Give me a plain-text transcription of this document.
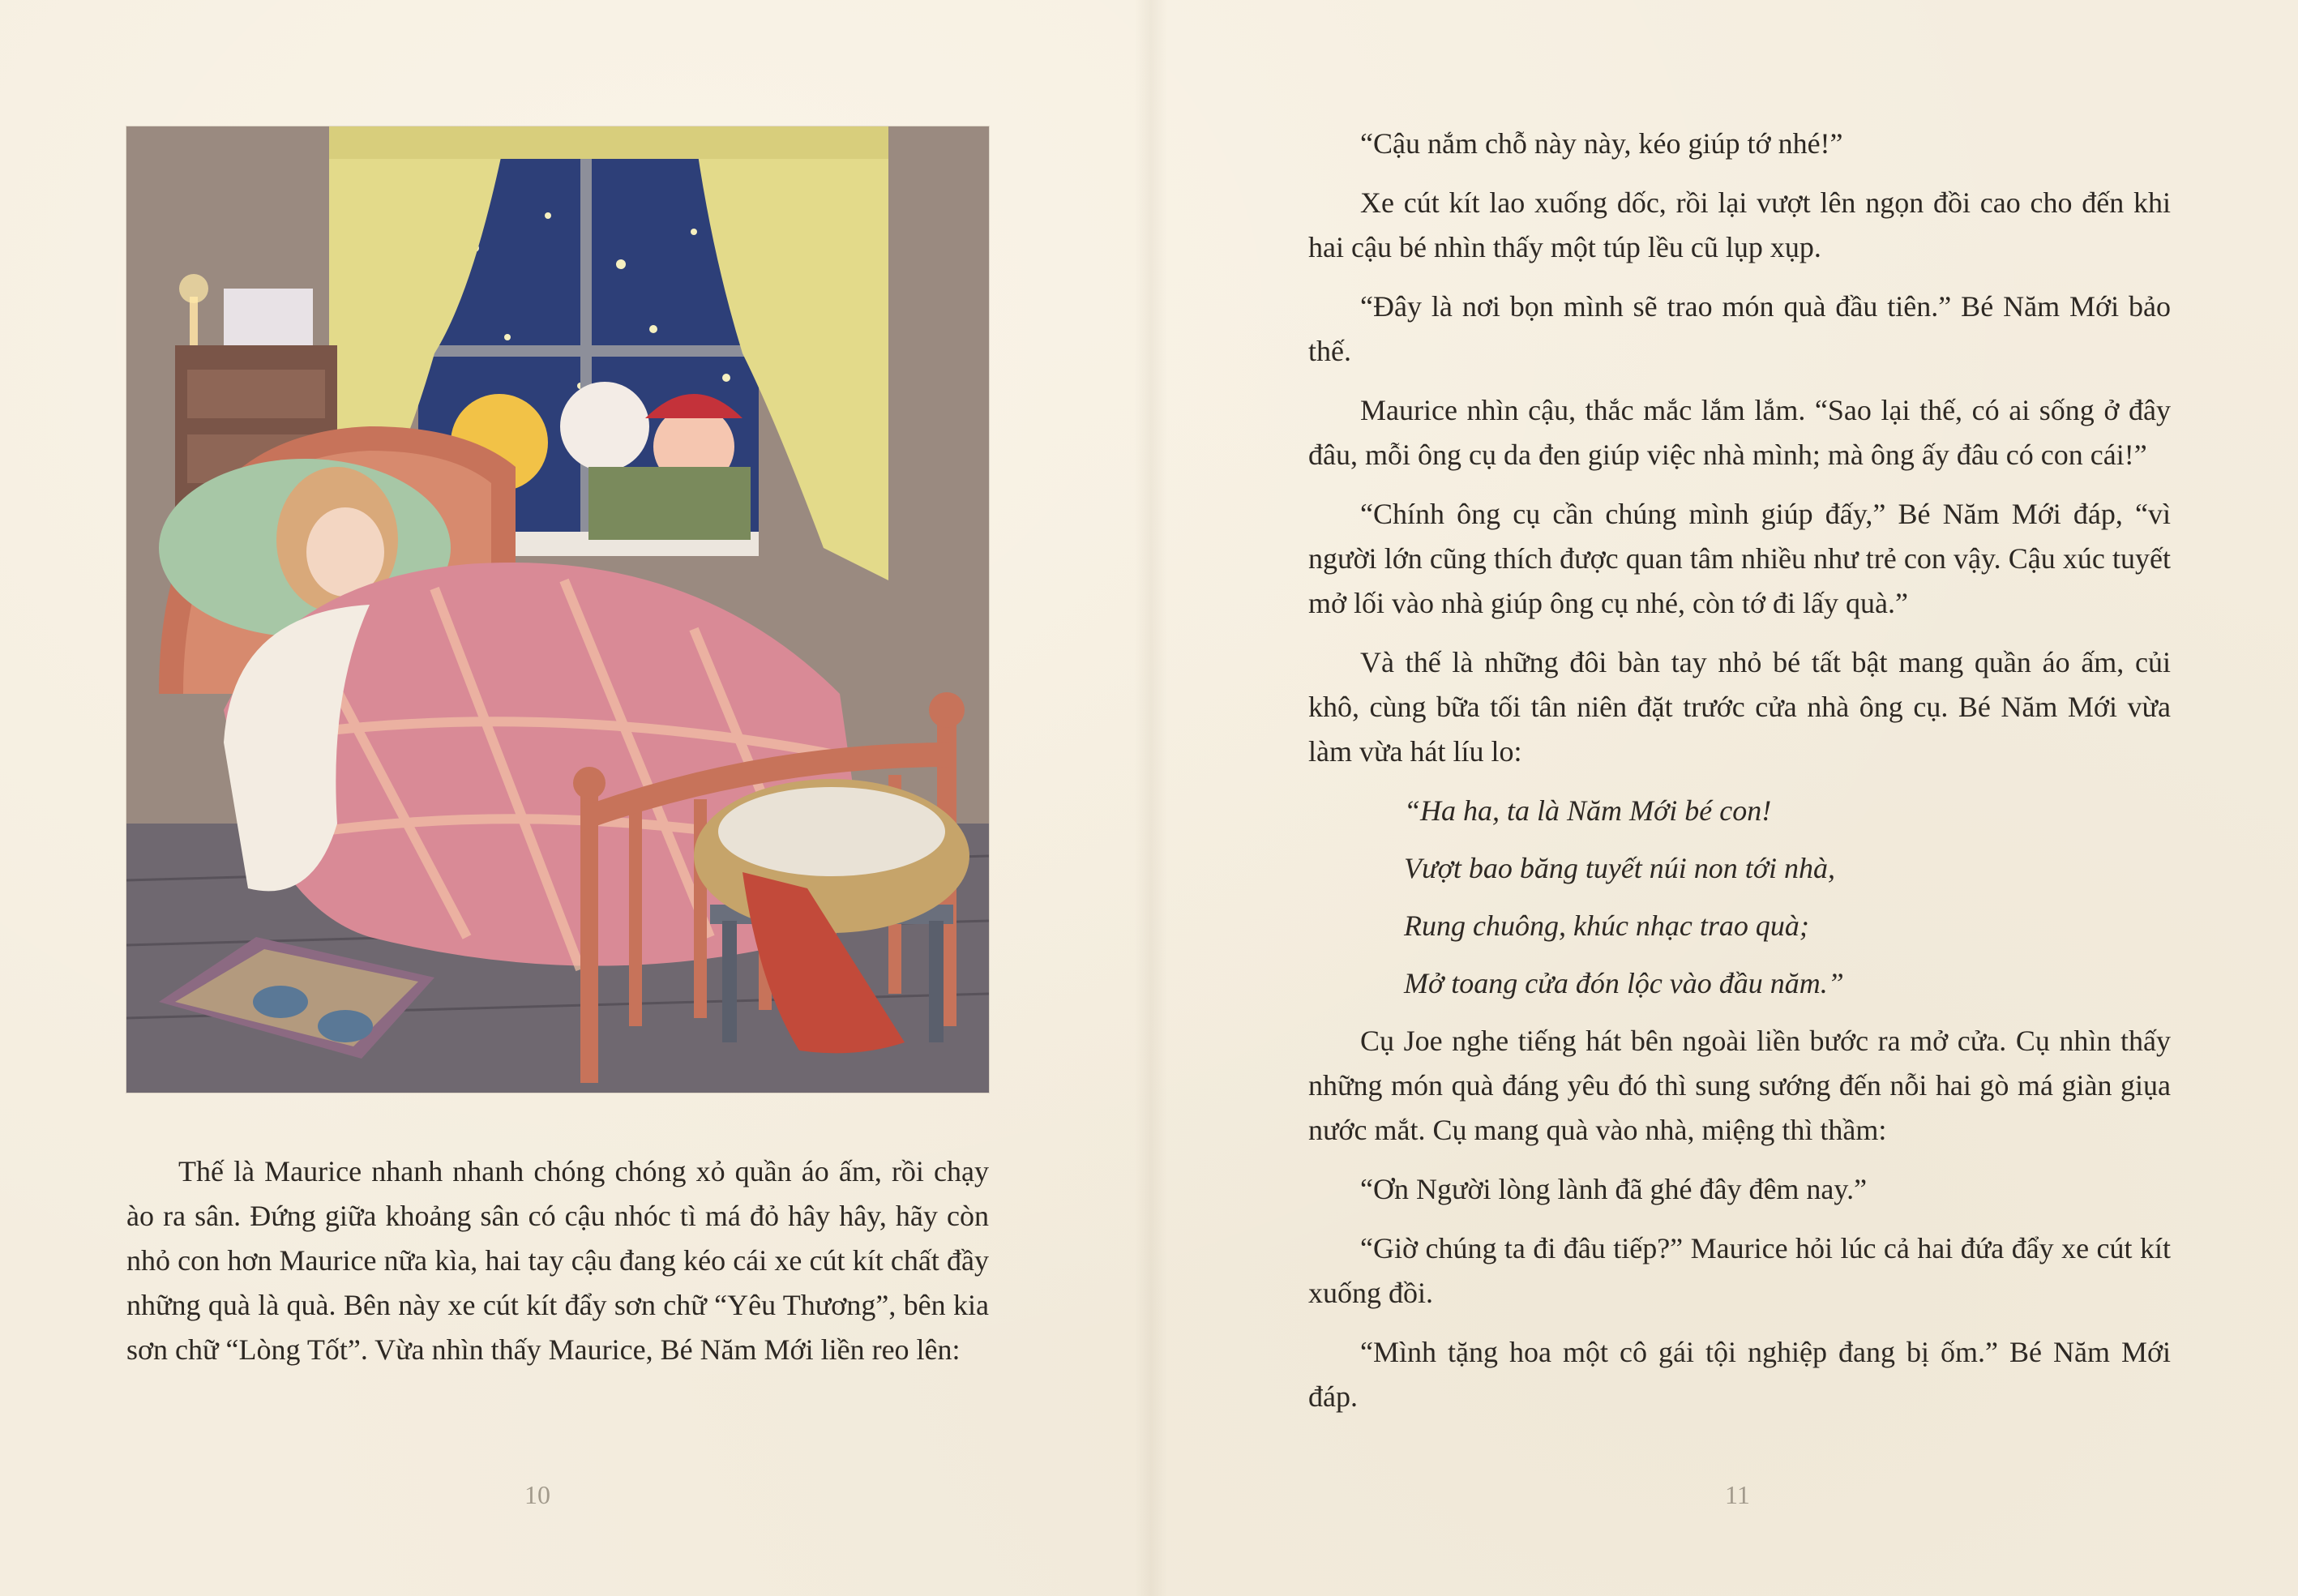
Thế là Maurice nhanh nhanh chóng chóng xỏ quần áo ấm, rồi chạy ào ra sân. Đứng giữa khoảng sân có cậu nhóc tì má đỏ hây hây, hãy còn nhỏ con hơn Maurice nữa kìa, hai tay cậu đang kéo cái xe cút kít chất đầy những quà là quà. Bên này xe cút kít đẩy sơn chữ “Yêu Thương”, bên kia sơn chữ “Lòng Tốt”. Vừa nhìn thấy Maurice, Bé Năm Mới liền reo lên:

10

“Cậu nắm chỗ này này, kéo giúp tớ nhé!”

Xe cút kít lao xuống dốc, rồi lại vượt lên ngọn đồi cao cho đến khi hai cậu bé nhìn thấy một túp lều cũ lụp xụp.

“Đây là nơi bọn mình sẽ trao món quà đầu tiên.” Bé Năm Mới bảo thế.

Maurice nhìn cậu, thắc mắc lắm lắm. “Sao lại thế, có ai sống ở đây đâu, mỗi ông cụ da đen giúp việc nhà mình; mà ông ấy đâu có con cái!”

“Chính ông cụ cần chúng mình giúp đấy,” Bé Năm Mới đáp, “vì người lớn cũng thích được quan tâm nhiều như trẻ con vậy. Cậu xúc tuyết mở lối vào nhà giúp ông cụ nhé, còn tớ đi lấy quà.”

Và thế là những đôi bàn tay nhỏ bé tất bật mang quần áo ấm, củi khô, cùng bữa tối tân niên đặt trước cửa nhà ông cụ. Bé Năm Mới vừa làm vừa hát líu lo:

“Ha ha, ta là Năm Mới bé con!
Vượt bao băng tuyết núi non tới nhà,
Rung chuông, khúc nhạc trao quà;
Mở toang cửa đón lộc vào đầu năm.”

Cụ Joe nghe tiếng hát bên ngoài liền bước ra mở cửa. Cụ nhìn thấy những món quà đáng yêu đó thì sung sướng đến nỗi hai gò má giàn giụa nước mắt. Cụ mang quà vào nhà, miệng thì thầm:

“Ơn Người lòng lành đã ghé đây đêm nay.”

“Giờ chúng ta đi đâu tiếp?” Maurice hỏi lúc cả hai đứa đẩy xe cút kít xuống đồi.

“Mình tặng hoa một cô gái tội nghiệp đang bị ốm.” Bé Năm Mới đáp.

11
